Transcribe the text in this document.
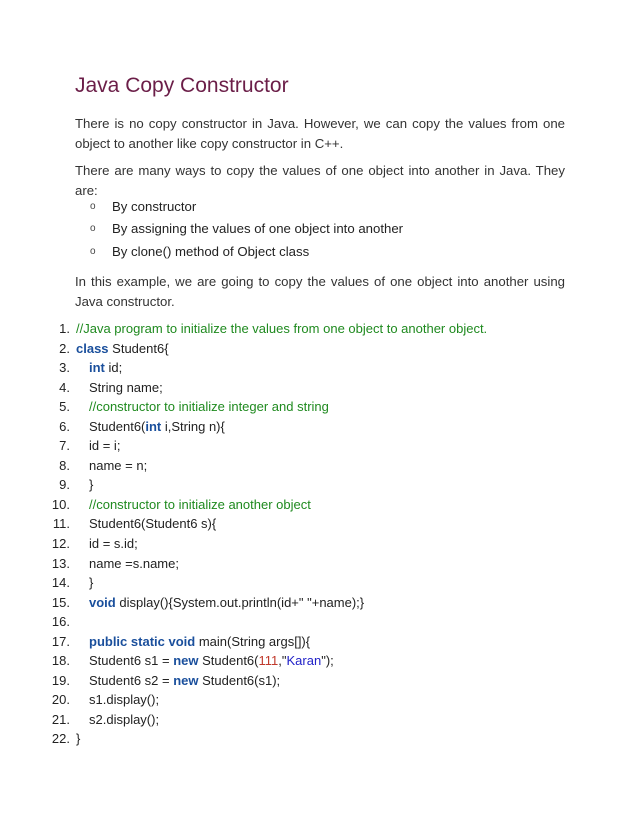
Java Copy Constructor

There is no copy constructor in Java. However, we can copy the values from one object to another like copy constructor in C++.

There are many ways to copy the values of one object into another in Java. They are:

o	By constructor
o	By assigning the values of one object into another
o	By clone() method of Object class

In this example, we are going to copy the values of one object into another using Java constructor.

1. //Java program to initialize the values from one object to another object.
2. class Student6{
3.	int id;
4.	String name;
5.	//constructor to initialize integer and string
6.	Student6(int i,String n){
7.	id = i;
8.	name = n;
9.	}
10.	//constructor to initialize another object
11.	Student6(Student6 s){
12.	id = s.id;
13.	name =s.name;
14.	}
15.	void display(){System.out.println(id+" "+name);}
16.
17.	public static void main(String args[]){
18.	Student6 s1 = new Student6(111,"Karan");
19.	Student6 s2 = new Student6(s1);
20.	s1.display();
21.	s2.display();
22. }
